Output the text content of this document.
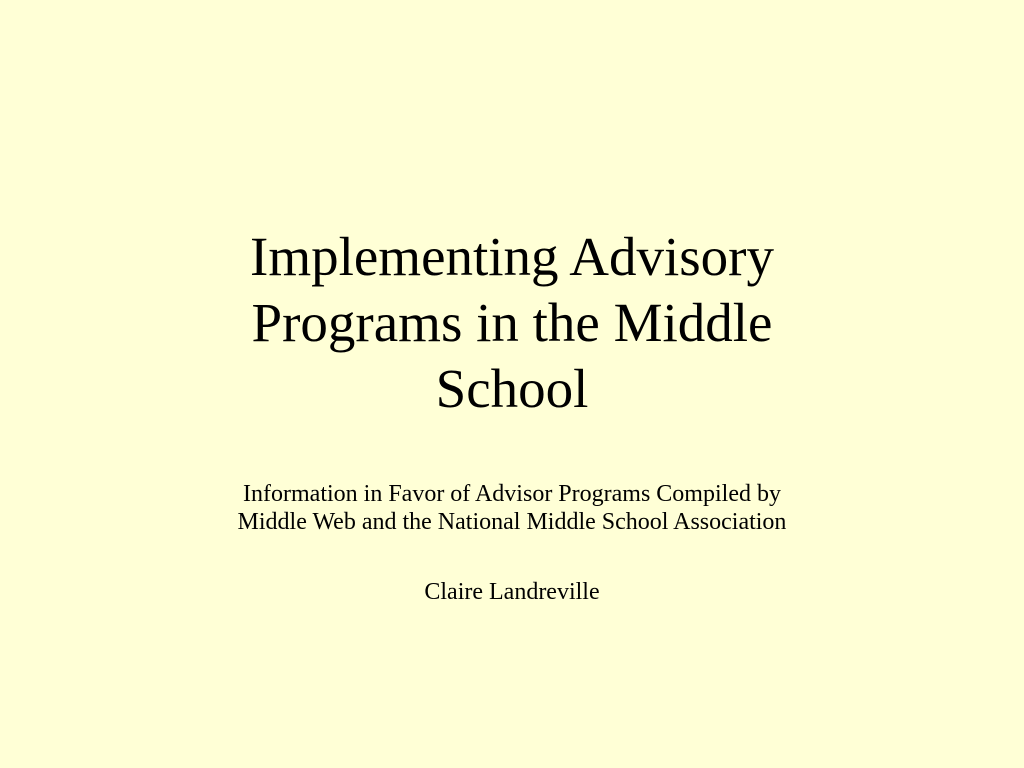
Implementing Advisory
Programs in the Middle
School
Information in Favor of Advisor Programs Compiled by
Middle Web and the National Middle School Association
Claire Landreville
